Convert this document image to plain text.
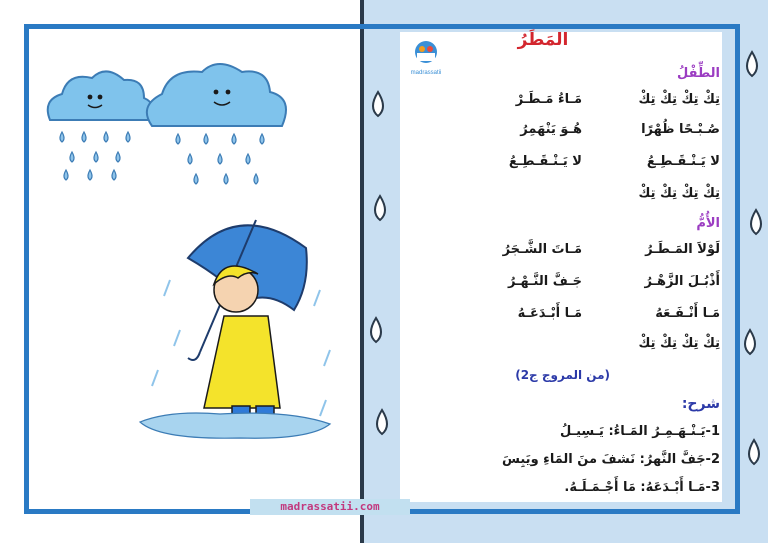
madrassatii
المَطَرُ
الطِّفْلُ
تِكْ تِكْ تِكْ تِكْ
مَـاءُ مَـطَـرْ
صُـبْـحًا ظُهْرًا
هُـوَ يَنْهَمِرُ
لا يَـنْـقَـطِـعُ
لا يَـنْـقَـطِـعُ
تِكْ تِكْ تِكْ تِكْ
الأُمُّ
لَوْلاَ المَـطَـرُ
مَـاتَ الشَّـجَرُ
أَذْبُـلَ الزَّهْـرُ
جَـفَّ النَّـهْـرُ
مَـا أَنْـفَـعَهُ
مَـا أَبْـدَعَـهُ
تِكْ تِكْ تِكْ تِكْ
(من المروج ج2)
شرح:
1-يَـنْـهَـمِـرُ المَـاءُ: يَـسِيـلُ
2-جَفَّ النَّهرُ: نَشفَ منَ المَاءِ ويَبِسَ
3-مَـا أَبْـدَعَهُ: مَا أَجْـمَـلَـهُ.
madrassatii.com
